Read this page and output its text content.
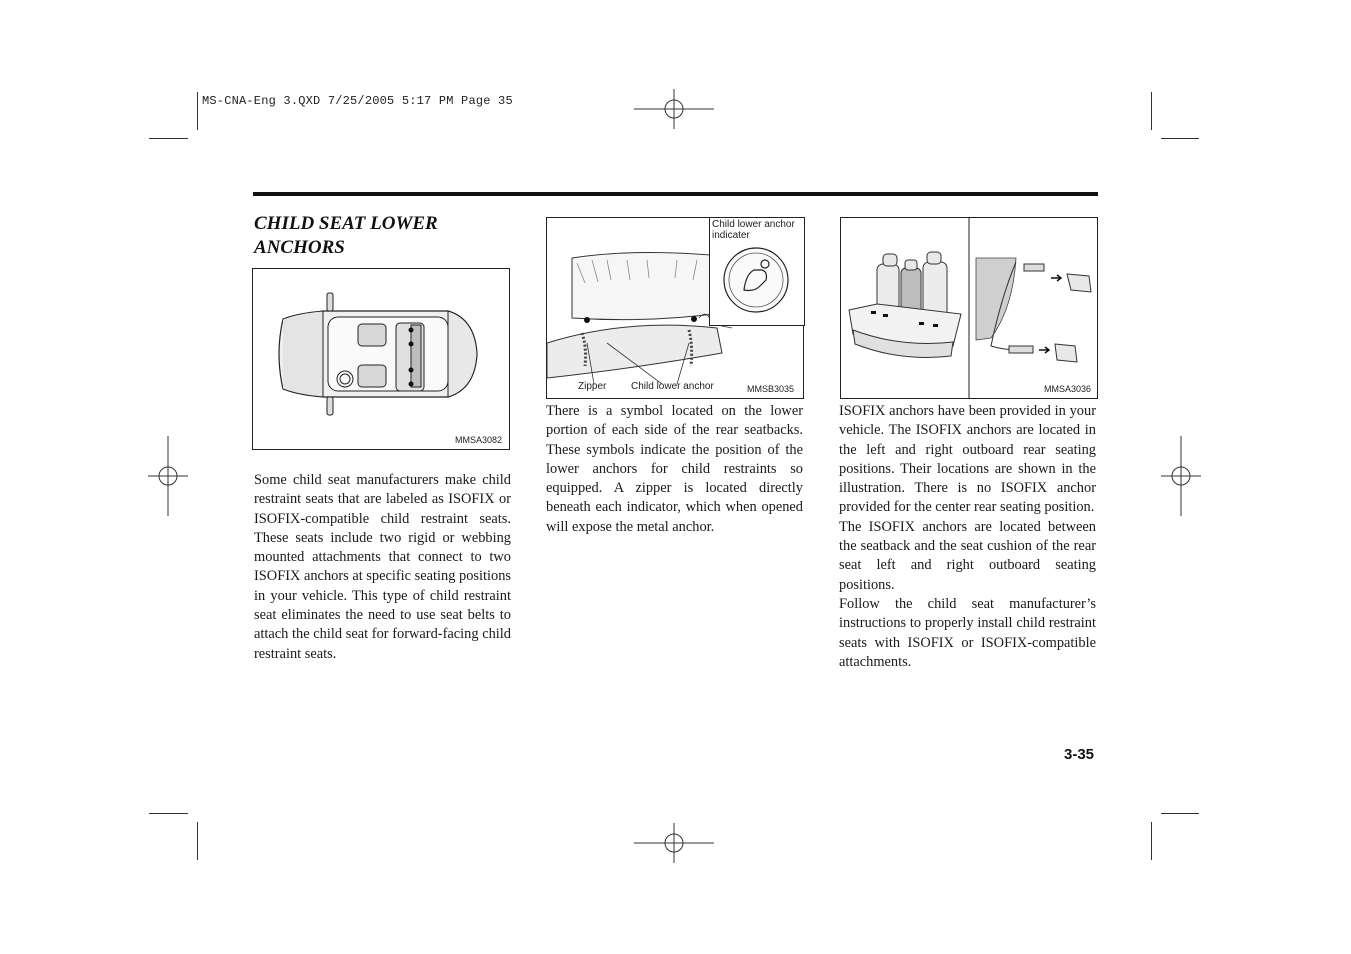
MS-CNA-Eng 3.QXD 7/25/2005 5:17 PM Page 35
CHILD SEAT LOWER ANCHORS
MMSA3082
Child lower anchor indicater
Zipper Child lower anchor	MMSB3035	MMSA3036

Some child seat manufacturers make child restraint seats that are labeled as ISOFIX or ISOFIX-compatible child restraint seats. These seats include two rigid or webbing mounted attachments that connect to two ISOFIX anchors at specific seating positions in your vehicle. This type of child restraint seat eliminates the need to use seat belts to attach the child seat for forward-facing child restraint seats.

There is a symbol located on the lower portion of each side of the rear seatbacks. These symbols indicate the position of the lower anchors for child restraints so equipped. A zipper is located directly beneath each indicator, which when opened will expose the metal anchor.

ISOFIX anchors have been provided in your vehicle. The ISOFIX anchors are located in the left and right outboard rear seating positions. Their locations are shown in the illustration. There is no ISOFIX anchor provided for the center rear seating position.

The ISOFIX anchors are located between the seatback and the seat cushion of the rear seat left and right outboard seating positions.

Follow the child seat manufacturer’s instructions to properly install child restraint seats with ISOFIX or ISOFIX-compatible attachments.

3-35
